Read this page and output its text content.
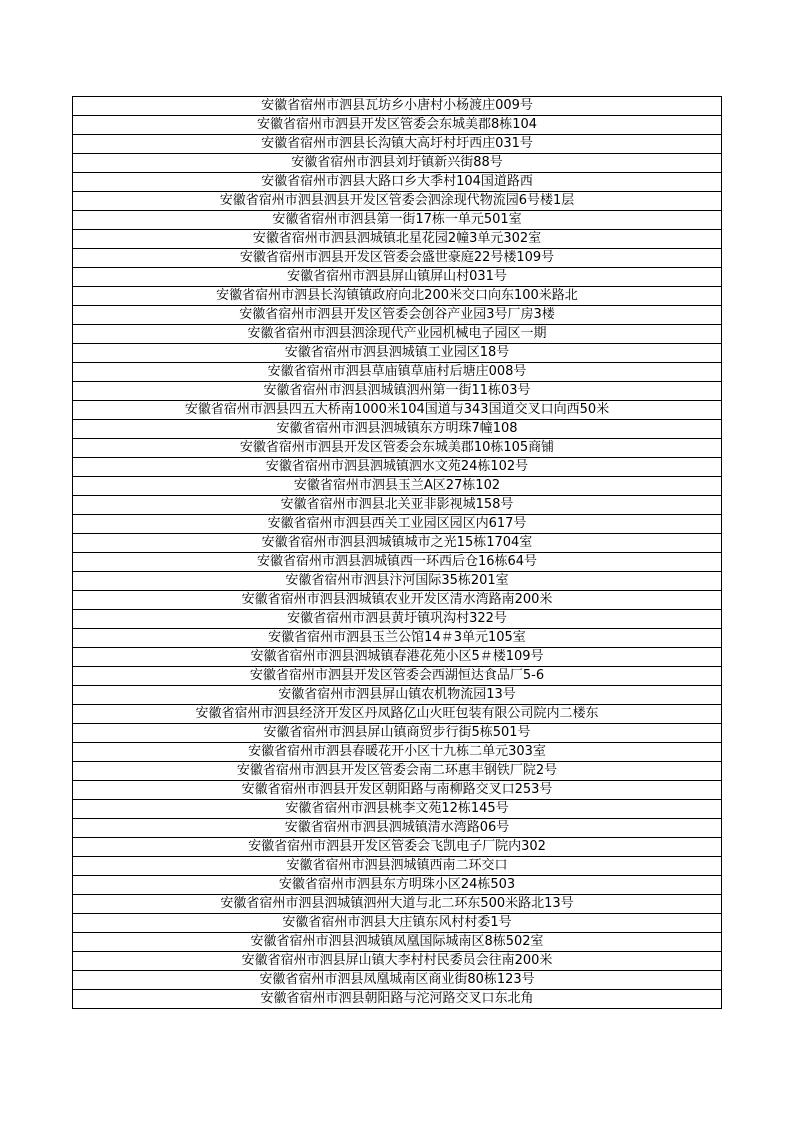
安徽省宿州市泗县瓦坊乡小唐村小杨渡庄009号
安徽省宿州市泗县开发区管委会东城美郡8栋104
安徽省宿州市泗县长沟镇大高圩村圩西庄031号
安徽省宿州市泗县刘圩镇新兴街88号
安徽省宿州市泗县大路口乡大季村104国道路西
安徽省宿州市泗县泗县开发区管委会泗涂现代物流园6号楼1层
安徽省宿州市泗县第一街17栋一单元501室
安徽省宿州市泗县泗城镇北星花园2幢3单元302室
安徽省宿州市泗县开发区管委会盛世豪庭22号楼109号
安徽省宿州市泗县屏山镇屏山村031号
安徽省宿州市泗县长沟镇镇政府向北200米交口向东100米路北
安徽省宿州市泗县开发区管委会创谷产业园3号厂房3楼
安徽省宿州市泗县泗涂现代产业园机械电子园区一期
安徽省宿州市泗县泗城镇工业园区18号
安徽省宿州市泗县草庙镇草庙村后塘庄008号
安徽省宿州市泗县泗城镇泗州第一街11栋03号
安徽省宿州市泗县四五大桥南1000米104国道与343国道交叉口向西50米
安徽省宿州市泗县泗城镇东方明珠7幢108
安徽省宿州市泗县开发区管委会东城美郡10栋105商铺
安徽省宿州市泗县泗城镇泗水文苑24栋102号
安徽省宿州市泗县玉兰A区27栋102
安徽省宿州市泗县北关亚非影视城158号
安徽省宿州市泗县西关工业园区园区内617号
安徽省宿州市泗县泗城镇城市之光15栋1704室
安徽省宿州市泗县泗城镇西一环西后仓16栋64号
安徽省宿州市泗县汴河国际35栋201室
安徽省宿州市泗县泗城镇农业开发区清水湾路南200米
安徽省宿州市泗县黄圩镇巩沟村322号
安徽省宿州市泗县玉兰公馆14＃3单元105室
安徽省宿州市泗县泗城镇春港花苑小区5＃楼109号
安徽省宿州市泗县开发区管委会西湖恒达食品厂5-6
安徽省宿州市泗县屏山镇农机物流园13号
安徽省宿州市泗县经济开发区丹凤路亿山火旺包装有限公司院内二楼东
安徽省宿州市泗县屏山镇商贸步行街5栋501号
安徽省宿州市泗县春暖花开小区十九栋二单元303室
安徽省宿州市泗县开发区管委会南二环惠丰钢铁厂院2号
安徽省宿州市泗县开发区朝阳路与南柳路交叉口253号
安徽省宿州市泗县桃李文苑12栋145号
安徽省宿州市泗县泗城镇清水湾路06号
安徽省宿州市泗县开发区管委会飞凯电子厂院内302
安徽省宿州市泗县泗城镇西南二环交口
安徽省宿州市泗县东方明珠小区24栋503
安徽省宿州市泗县泗城镇泗州大道与北二环东500米路北13号
安徽省宿州市泗县大庄镇东风村村委1号
安徽省宿州市泗县泗城镇凤凰国际城南区8栋502室
安徽省宿州市泗县屏山镇大李村村民委员会往南200米
安徽省宿州市泗县凤凰城南区商业街80栋123号
安徽省宿州市泗县朝阳路与沱河路交叉口东北角
